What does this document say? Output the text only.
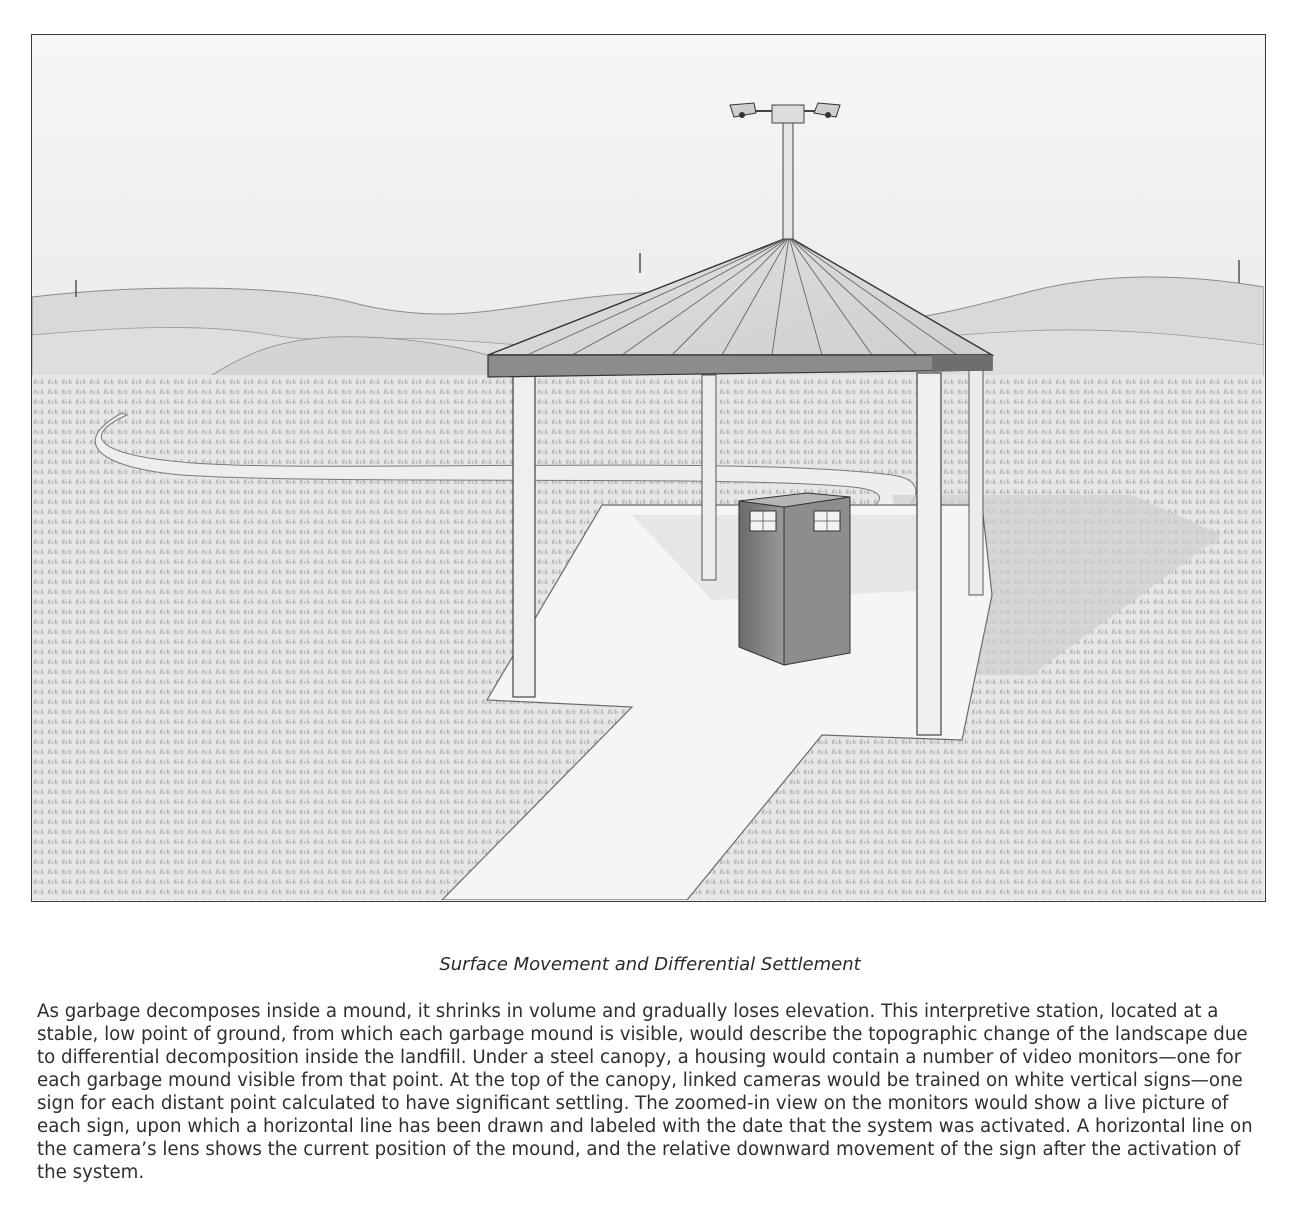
Surface Movement and Differential Settlement

As garbage decomposes inside a mound, it shrinks in volume and gradually loses elevation. This interpretive station, located at a stable, low point of ground, from which each garbage mound is visible, would describe the topographic change of the landscape due to differential decomposition inside the landfill. Under a steel canopy, a housing would contain a number of video monitors—one for each garbage mound visible from that point. At the top of the canopy, linked cameras would be trained on white vertical signs—one sign for each distant point calculated to have significant settling. The zoomed-in view on the monitors would show a live picture of each sign, upon which a horizontal line has been drawn and labeled with the date that the system was activated. A horizontal line on the camera’s lens shows the current position of the mound, and the relative downward movement of the sign after the activation of the system.
